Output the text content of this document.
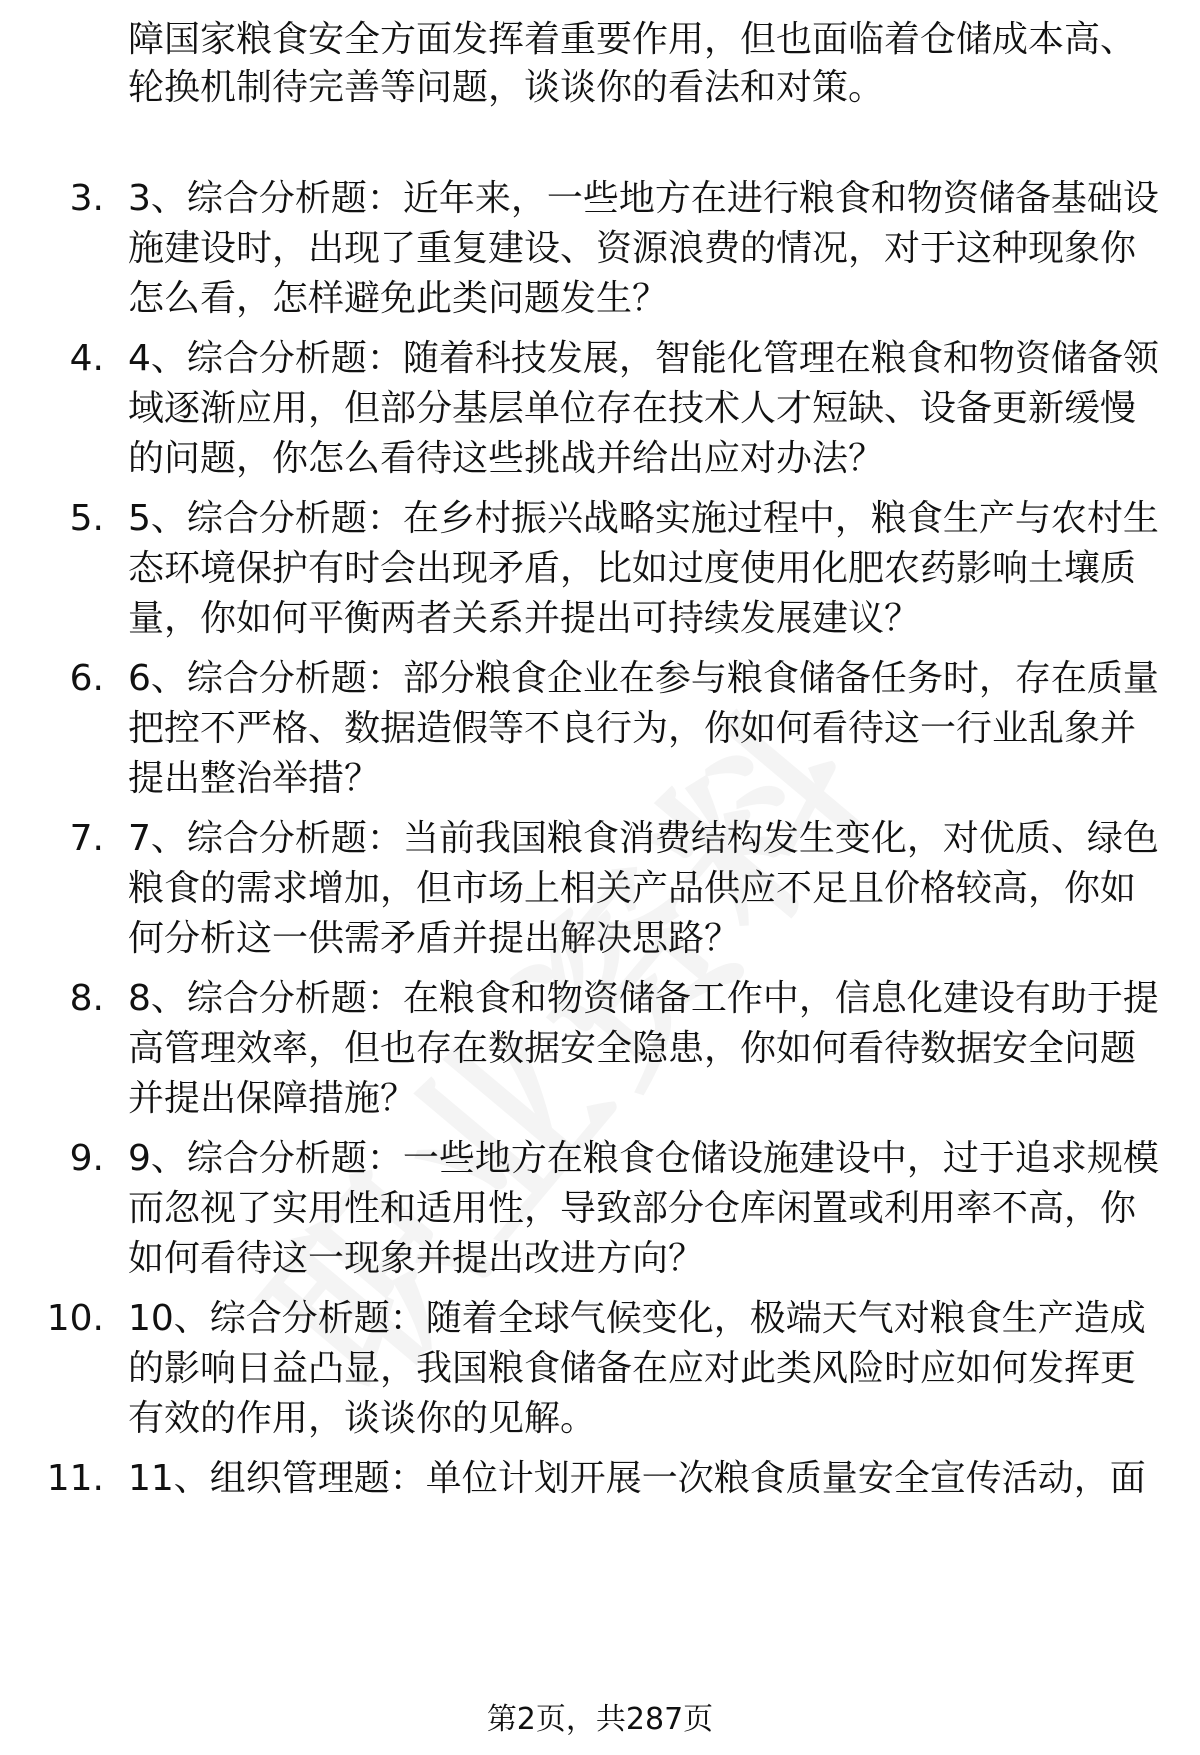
障国家粮食安全方面发挥着重要作用，但也面临着仓储成本高、
轮换机制待完善等问题，谈谈你的看法和对策。
3. 3、综合分析题：近年来，一些地方在进行粮食和物资储备基础设
施建设时，出现了重复建设、资源浪费的情况，对于这种现象你
怎么看，怎样避免此类问题发生？
4. 4、综合分析题：随着科技发展，智能化管理在粮食和物资储备领
域逐渐应用，但部分基层单位存在技术人才短缺、设备更新缓慢
的问题，你怎么看待这些挑战并给出应对办法？
5. 5、综合分析题：在乡村振兴战略实施过程中，粮食生产与农村生
态环境保护有时会出现矛盾，比如过度使用化肥农药影响土壤质
量，你如何平衡两者关系并提出可持续发展建议？
6. 6、综合分析题：部分粮食企业在参与粮食储备任务时，存在质量
把控不严格、数据造假等不良行为，你如何看待这一行业乱象并
提出整治举措？
7. 7、综合分析题：当前我国粮食消费结构发生变化，对优质、绿色
粮食的需求增加，但市场上相关产品供应不足且价格较高，你如
何分析这一供需矛盾并提出解决思路？
8. 8、综合分析题：在粮食和物资储备工作中，信息化建设有助于提
高管理效率，但也存在数据安全隐患，你如何看待数据安全问题
并提出保障措施？
9. 9、综合分析题：一些地方在粮食仓储设施建设中，过于追求规模
而忽视了实用性和适用性，导致部分仓库闲置或利用率不高，你
如何看待这一现象并提出改进方向？
10. 10、综合分析题：随着全球气候变化，极端天气对粮食生产造成
的影响日益凸显，我国粮食储备在应对此类风险时应如何发挥更
有效的作用，谈谈你的见解。
11. 11、组织管理题：单位计划开展一次粮食质量安全宣传活动，面
第2页，共287页
